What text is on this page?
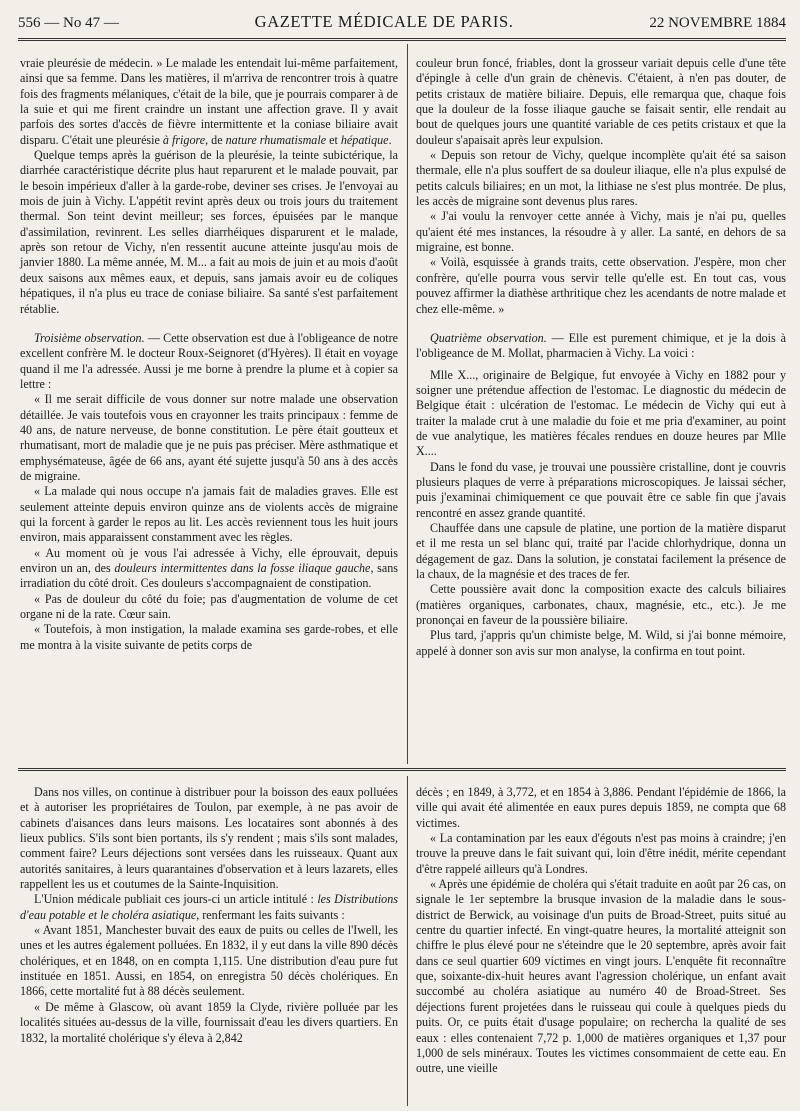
556 — No 47 —	GAZETTE MÉDICALE DE PARIS.	22 NOVEMBRE 1884

vraie pleurésie de médecin. » Le malade les entendait lui-même parfaitement, ainsi que sa femme. Dans les matières, il m'arriva de rencontrer trois à quatre fois des fragments mélaniques, c'était de la bile, que je pourrais comparer à de la suie et qui me firent craindre un instant une affection grave. Il y avait parfois des sortes d'accès de fièvre intermittente et la coniase biliaire avait disparu. C'était une pleurésie à frigore, de nature rhumatismale et hépatique.

Quelque temps après la guérison de la pleurésie, la teinte subictérique, la diarrhée caractéristique décrite plus haut reparurent et le malade pouvait, par le besoin impérieux d'aller à la garde-robe, deviner ses crises. Je l'envoyai au mois de juin à Vichy. L'appétit revint après deux ou trois jours du traitement thermal. Son teint devint meilleur; ses forces, épuisées par le manque d'assimilation, revinrent. Les selles diarrhéiques disparurent et le malade, après son retour de Vichy, n'en ressentit aucune atteinte jusqu'au mois de janvier 1880. La même année, M. M... a fait au mois de juin et au mois d'août deux saisons aux mêmes eaux, et depuis, sans jamais avoir eu de coliques hépatiques, il n'a plus eu trace de coniase biliaire. Sa santé s'est parfaitement rétablie.

Troisième observation. — Cette observation est due à l'obligeance de notre excellent confrère M. le docteur Roux-Seignoret (d'Hyères). Il était en voyage quand il me l'a adressée. Aussi je me borne à prendre la plume et à copier sa lettre :

« Il me serait difficile de vous donner sur notre malade une observation détaillée. Je vais toutefois vous en crayonner les traits principaux : femme de 40 ans, de nature nerveuse, de bonne constitution. Le père était goutteux et rhumatisant, mort de maladie que je ne puis pas préciser. Mère asthmatique et emphysémateuse, âgée de 66 ans, ayant été sujette jusqu'à 50 ans à des accès de migraine.

« La malade qui nous occupe n'a jamais fait de maladies graves. Elle est seulement atteinte depuis environ quinze ans de violents accès de migraine qui la forcent à garder le repos au lit. Les accès reviennent tous les huit jours environ, mais apparaissent constamment avec les règles.

« Au moment où je vous l'ai adressée à Vichy, elle éprouvait, depuis environ un an, des douleurs intermittentes dans la fosse iliaque gauche, sans irradiation du côté droit. Ces douleurs s'accompagnaient de constipation.

« Pas de douleur du côté du foie; pas d'augmentation de volume de cet organe ni de la rate. Cœur sain.

« Toutefois, à mon instigation, la malade examina ses garde-robes, et elle me montra à la visite suivante de petits corps de

couleur brun foncé, friables, dont la grosseur variait depuis celle d'une tête d'épingle à celle d'un grain de chènevis. C'étaient, à n'en pas douter, de petits cristaux de matière biliaire. Depuis, elle remarqua que, chaque fois que la douleur de la fosse iliaque gauche se faisait sentir, elle rendait au bout de quelques jours une quantité variable de ces petits cristaux et que la douleur s'apaisait après leur expulsion.

« Depuis son retour de Vichy, quelque incomplète qu'ait été sa saison thermale, elle n'a plus souffert de sa douleur iliaque, elle n'a plus expulsé de petits calculs biliaires; en un mot, la lithiase ne s'est plus montrée. De plus, les accès de migraine sont devenus plus rares.

« J'ai voulu la renvoyer cette année à Vichy, mais je n'ai pu, quelles qu'aient été mes instances, la résoudre à y aller. La santé, en dehors de sa migraine, est bonne.

« Voilà, esquissée à grands traits, cette observation. J'espère, mon cher confrère, qu'elle pourra vous servir telle qu'elle est. En tout cas, vous pouvez affirmer la diathèse arthritique chez les acendants de notre malade et chez elle-même. »

Quatrième observation. — Elle est purement chimique, et je la dois à l'obligeance de M. Mollat, pharmacien à Vichy. La voici :

Mlle X..., originaire de Belgique, fut envoyée à Vichy en 1882 pour y soigner une prétendue affection de l'estomac. Le diagnostic du médecin de Belgique était : ulcération de l'estomac. Le médecin de Vichy qui eut à traiter la malade crut à une maladie du foie et me pria d'examiner, au point de vue analytique, les matières fécales rendues en douze heures par Mlle X....

Dans le fond du vase, je trouvai une poussière cristalline, dont je couvris plusieurs plaques de verre à préparations microscopiques. Je laissai sécher, puis j'examinai chimiquement ce que pouvait être ce sable fin que j'avais rencontré en assez grande quantité.

Chauffée dans une capsule de platine, une portion de la matière disparut et il me resta un sel blanc qui, traité par l'acide chlorhydrique, donna un dégagement de gaz. Dans la solution, je constatai facilement la présence de la chaux, de la magnésie et des traces de fer.

Cette poussière avait donc la composition exacte des calculs biliaires (matières organiques, carbonates, chaux, magnésie, etc., etc.). Je me prononçai en faveur de la poussière biliaire.

Plus tard, j'appris qu'un chimiste belge, M. Wild, si j'ai bonne mémoire, appelé à donner son avis sur mon analyse, la confirma en tout point.

Dans nos villes, on continue à distribuer pour la boisson des eaux polluées et à autoriser les propriétaires de Toulon, par exemple, à ne pas avoir de cabinets d'aisances dans leurs maisons. Les locataires sont abonnés à des lieux publics. S'ils sont bien portants, ils s'y rendent ; mais s'ils sont malades, comment faire? Leurs déjections sont versées dans les ruisseaux. Quant aux autorités sanitaires, à leurs quarantaines d'observation et à leurs lazarets, elles rappellent les us et coutumes de la Sainte-Inquisition.

L'Union médicale publiait ces jours-ci un article intitulé : les Distributions d'eau potable et le choléra asiatique, renfermant les faits suivants :

« Avant 1851, Manchester buvait des eaux de puits ou celles de l'Iwell, les unes et les autres également polluées. En 1832, il y eut dans la ville 890 décès cholériques, et en 1848, on en compta 1,115. Une distribution d'eau pure fut instituée en 1851. Aussi, en 1854, on enregistra 50 décès cholériques. En 1866, cette mortalité fut à 88 décès seulement.

« De même à Glascow, où avant 1859 la Clyde, rivière polluée par les localités situées au-dessus de la ville, fournissait d'eau les divers quartiers. En 1832, la mortalité cholérique s'y éleva à 2,842

décès ; en 1849, à 3,772, et en 1854 à 3,886. Pendant l'épidémie de 1866, la ville qui avait été alimentée en eaux pures depuis 1859, ne compta que 68 victimes.

« La contamination par les eaux d'égouts n'est pas moins à craindre; j'en trouve la preuve dans le fait suivant qui, loin d'être inédit, mérite cependant d'être rappelé ailleurs qu'à Londres.

« Après une épidémie de choléra qui s'était traduite en août par 26 cas, on signale le 1er septembre la brusque invasion de la maladie dans le sous-district de Berwick, au voisinage d'un puits de Broad-Street, puits situé au centre du quartier infecté. En vingt-quatre heures, la mortalité atteignit son chiffre le plus élevé pour ne s'éteindre que le 20 septembre, après avoir fait dans ce seul quartier 609 victimes en vingt jours. L'enquête fit reconnaître que, soixante-dix-huit heures avant l'agression cholérique, un enfant avait succombé au choléra asiatique au numéro 40 de Broad-Street. Ses déjections furent projetées dans le ruisseau qui coule à quelques pieds du puits. Or, ce puits était d'usage populaire; on rechercha la qualité de ses eaux : elles contenaient 7,72 p. 1,000 de matières organiques et 1,37 pour 1,000 de sels minéraux. Toutes les victimes consommaient de cette eau. En outre, une vieille
